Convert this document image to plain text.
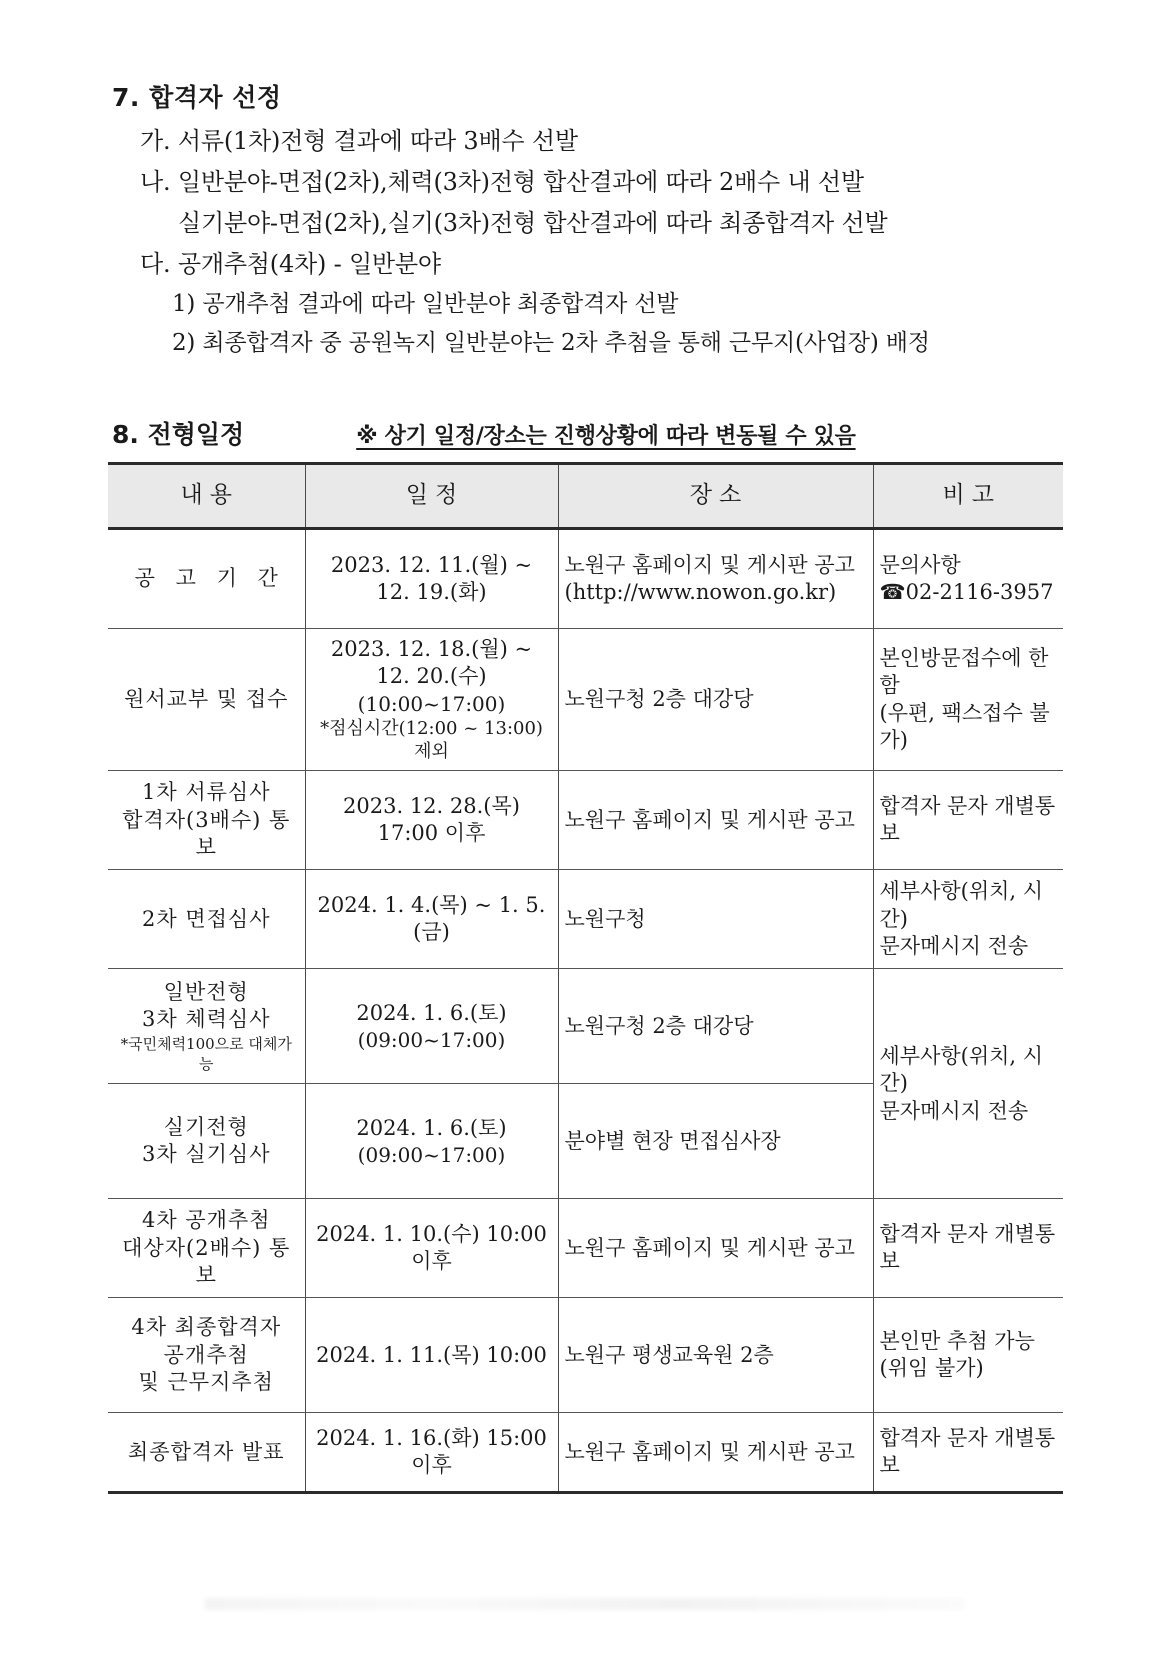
7. 합격자 선정
가. 서류(1차)전형 결과에 따라 3배수 선발
나. 일반분야-면접(2차),체력(3차)전형 합산결과에 따라 2배수 내 선발
실기분야-면접(2차),실기(3차)전형 합산결과에 따라 최종합격자 선발
다. 공개추첨(4차) - 일반분야
1) 공개추첨 결과에 따라 일반분야 최종합격자 선발
2) 최종합격자 중 공원녹지 일반분야는 2차 추첨을 통해 근무지(사업장) 배정
8. 전형일정	※ 상기 일정/장소는 진행상황에 따라 변동될 수 있음
내용	일정	장소	비고

공 고 기 간	2023. 12. 11.(월) ~ 12. 19.(화)	노원구 홈페이지 및 게시판 공고
(http://www.nowon.go.kr)	문의사항
☎02-2116-3957

원서교부 및 접수	2023. 12. 18.(월) ~ 12. 20.(수)
(10:00~17:00)
*점심시간(12:00 ~ 13:00) 제외	노원구청 2층 대강당	본인방문접수에 한함
(우편, 팩스접수 불가)

1차 서류심사
합격자(3배수) 통보	2023. 12. 28.(목) 17:00 이후	노원구 홈페이지 및 게시판 공고	합격자 문자 개별통보

2차 면접심사	2024. 1. 4.(목) ~ 1. 5.(금)	노원구청	세부사항(위치, 시간)
문자메시지 전송

일반전형
3차 체력심사
*국민체력100으로 대체가능	2024. 1. 6.(토)
(09:00~17:00)	노원구청 2층 대강당	세부사항(위치, 시간)
문자메시지 전송

실기전형
3차 실기심사	2024. 1. 6.(토)
(09:00~17:00)	분야별 현장 면접심사장	
4차 공개추첨
대상자(2배수) 통보	2024. 1. 10.(수) 10:00 이후	노원구 홈페이지 및 게시판 공고	합격자 문자 개별통보

4차 최종합격자
공개추첨
및 근무지추첨	2024. 1. 11.(목) 10:00	노원구 평생교육원 2층	본인만 추첨 가능
(위임 불가)

최종합격자 발표	2024. 1. 16.(화) 15:00 이후	노원구 홈페이지 및 게시판 공고	합격자 문자 개별통보
